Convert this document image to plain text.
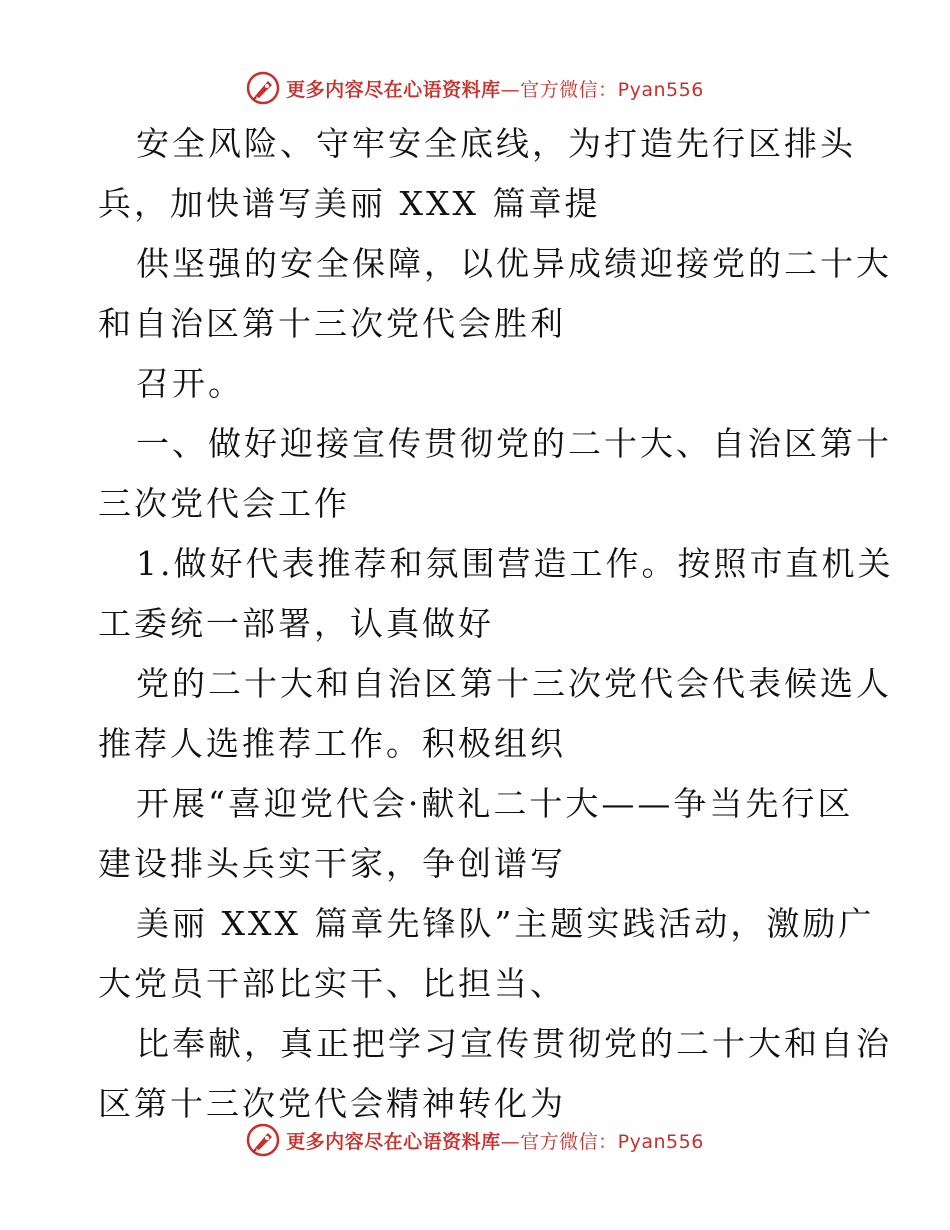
更多内容尽在心语资料库—官方微信：Pyan556
安全风险、守牢安全底线，为打造先行区排头
兵，加快谱写美丽 XXX 篇章提
供坚强的安全保障，以优异成绩迎接党的二十大
和自治区第十三次党代会胜利
召开。
一、做好迎接宣传贯彻党的二十大、自治区第十
三次党代会工作
1.做好代表推荐和氛围营造工作。按照市直机关
工委统一部署，认真做好
党的二十大和自治区第十三次党代会代表候选人
推荐人选推荐工作。积极组织
开展“喜迎党代会·献礼二十大——争当先行区
建设排头兵实干家，争创谱写
美丽 XXX 篇章先锋队”主题实践活动，激励广
大党员干部比实干、比担当、
比奉献，真正把学习宣传贯彻党的二十大和自治
区第十三次党代会精神转化为
更多内容尽在心语资料库—官方微信：Pyan556
